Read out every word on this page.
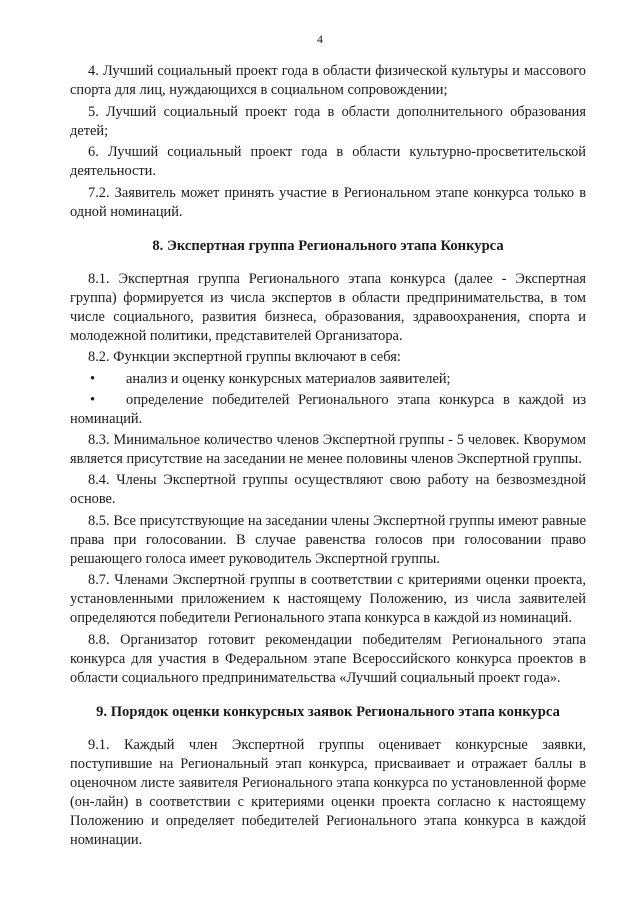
4

4. Лучший социальный проект года в области физической культуры и массового спорта для лиц, нуждающихся в социальном сопровождении;

5. Лучший социальный проект года в области дополнительного образования детей;

6. Лучший социальный проект года в области культурно-просветительской деятельности.

7.2. Заявитель может принять участие в Региональном этапе конкурса только в одной номинаций.

8. Экспертная группа Регионального этапа Конкурса

8.1. Экспертная группа Регионального этапа конкурса (далее - Экспертная группа) формируется из числа экспертов в области предпринимательства, в том числе социального, развития бизнеса, образования, здравоохранения, спорта и молодежной политики, представителей Организатора.

8.2. Функции экспертной группы включают в себя:

• анализ и оценку конкурсных материалов заявителей;
• определение победителей Регионального этапа конкурса в каждой из номинаций.

8.3. Минимальное количество членов Экспертной группы - 5 человек. Кворумом является присутствие на заседании не менее половины членов Экспертной группы.

8.4. Члены Экспертной группы осуществляют свою работу на безвозмездной основе.

8.5. Все присутствующие на заседании члены Экспертной группы имеют равные права при голосовании. В случае равенства голосов при голосовании право решающего голоса имеет руководитель Экспертной группы.

8.7. Членами Экспертной группы в соответствии с критериями оценки проекта, установленными приложением к настоящему Положению, из числа заявителей определяются победители Регионального этапа конкурса в каждой из номинаций.

8.8. Организатор готовит рекомендации победителям Регионального этапа конкурса для участия в Федеральном этапе Всероссийского конкурса проектов в области социального предпринимательства «Лучший социальный проект года».

9. Порядок оценки конкурсных заявок Регионального этапа конкурса

9.1. Каждый член Экспертной группы оценивает конкурсные заявки, поступившие на Региональный этап конкурса, присваивает и отражает баллы в оценочном листе заявителя Регионального этапа конкурса по установленной форме (он-лайн) в соответствии с критериями оценки проекта согласно к настоящему Положению и определяет победителей Регионального этапа конкурса в каждой номинации.
